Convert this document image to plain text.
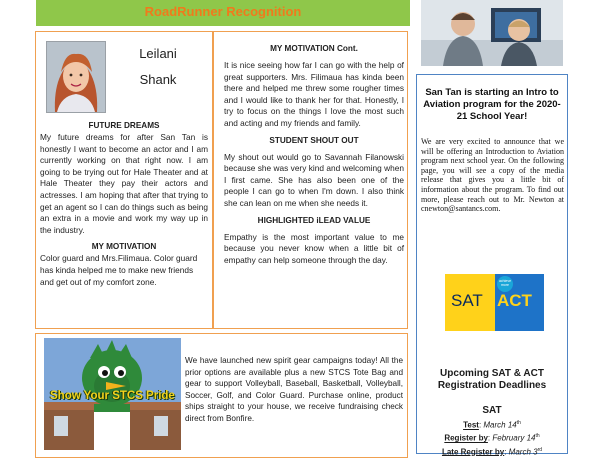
RoadRunner Recognition
Leilani
Shank
FUTURE DREAMS

My future dreams for after San Tan is honestly I want to become an actor and I am currently working on that right now. I am going to be trying out for Hale Theater and at Hale Theater they pay their actors and actresses. I am hoping that after that trying to get an agent so I can do things such as being an extra in a movie and work my way up in the industry.

MY MOTIVATION

Color guard and Mrs.Filimaua. Color guard has kinda helped me to make new friends and get out of my comfort zone.

MY MOTIVATION Cont.

It is nice seeing how far I can go with the help of great supporters. Mrs. Filimaua has kinda been there and helped me threw some rougher times and I would like to thank her for that. Honestly, I try to focus on the things I love the most such and acting and my friends and family.

STUDENT SHOUT OUT

My shout out would go to Savannah Filanowski because she was very kind and welcoming when I first came. She has also been one of the people I can go to when I'm down. I also think she can lean on me when she needs it.

HIGHLIGHTED iLEAD VALUE

Empathy is the most important value to me because you never know when a little bit of empathy can help someone through the day.

Show Your STCS Pride
We have launched new spirit gear campaigns today! All the prior options are available plus a new STCS Tote Bag and gear to support Volleyball, Baseball, Basketball, Volleyball, Soccer, Golf, and Color Guard. Purchase online, product ships straight to your house, we receive fundraising check direct from Bonfire.
San Tan is starting an Intro to Aviation program for the 2020-21 School Year!
We are very excited to announce that we will be offering an Introduction to Aviation program next school year. On the following page, you will see a copy of the media release that gives you a little bit of information about the program. To find out more, please reach out to Mr. Newton at cnewton@santancs.com.
achieve more
SAT ACT
Upcoming SAT & ACT Registration Deadlines
SAT
Test: March 14th
Register by: February 14th
Late Register by: March 3rd
